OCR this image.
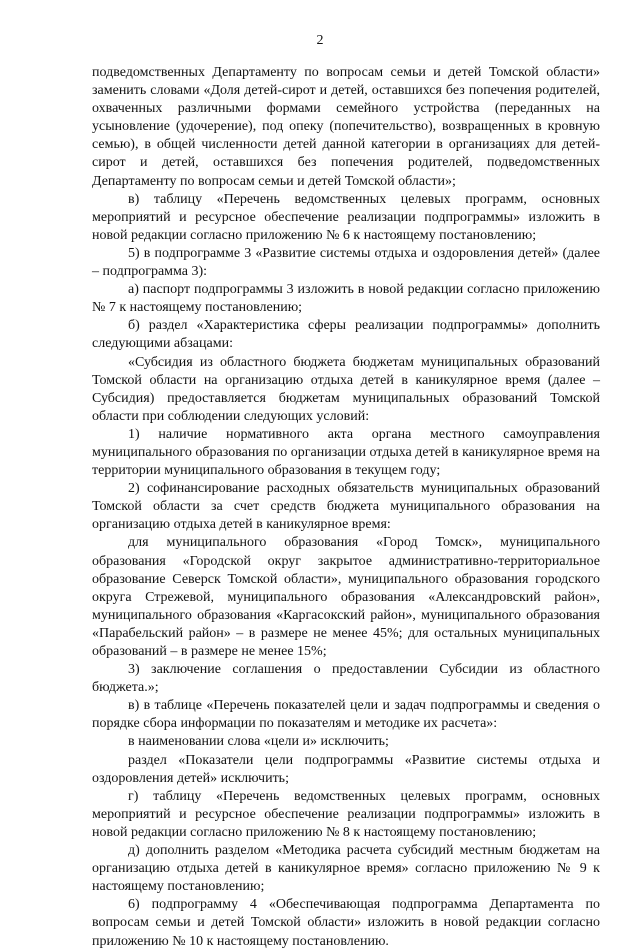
2

подведомственных Департаменту по вопросам семьи и детей Томской области» заменить словами «Доля детей-сирот и детей, оставшихся без попечения родителей, охваченных различными формами семейного устройства (переданных на усыновление (удочерение), под опеку (попечительство), возвращенных в кровную семью), в общей численности детей данной категории в организациях для детей-сирот и детей, оставшихся без попечения родителей, подведомственных Департаменту по вопросам семьи и детей Томской области»;

в) таблицу «Перечень ведомственных целевых программ, основных мероприятий и ресурсное обеспечение реализации подпрограммы» изложить в новой редакции согласно приложению № 6 к настоящему постановлению;

5) в подпрограмме 3 «Развитие системы отдыха и оздоровления детей» (далее – подпрограмма 3):

а) паспорт подпрограммы 3 изложить в новой редакции согласно приложению № 7 к настоящему постановлению;

б) раздел «Характеристика сферы реализации подпрограммы» дополнить следующими абзацами:

«Субсидия из областного бюджета бюджетам муниципальных образований Томской области на организацию отдыха детей в каникулярное время (далее – Субсидия) предоставляется бюджетам муниципальных образований Томской области при соблюдении следующих условий:

1) наличие нормативного акта органа местного самоуправления муниципального образования по организации отдыха детей в каникулярное время на территории муниципального образования в текущем году;

2) софинансирование расходных обязательств муниципальных образований Томской области за счет средств бюджета муниципального образования на организацию отдыха детей в каникулярное время:

для муниципального образования «Город Томск», муниципального образования «Городской округ закрытое административно-территориальное образование Северск Томской области», муниципального образования городского округа Стрежевой, муниципального образования «Александровский район», муниципального образования «Каргасокский район», муниципального образования «Парабельский район» – в размере не менее 45%; для остальных муниципальных образований – в размере не менее 15%;

3) заключение соглашения о предоставлении Субсидии из областного бюджета.»;

в) в таблице «Перечень показателей цели и задач подпрограммы и сведения о порядке сбора информации по показателям и методике их расчета»:

в наименовании слова «цели и» исключить;

раздел «Показатели цели подпрограммы «Развитие системы отдыха и оздоровления детей» исключить;

г) таблицу «Перечень ведомственных целевых программ, основных мероприятий и ресурсное обеспечение реализации подпрограммы» изложить в новой редакции согласно приложению № 8 к настоящему постановлению;

д) дополнить разделом «Методика расчета субсидий местным бюджетам на организацию отдыха детей в каникулярное время» согласно приложению № 9 к настоящему постановлению;

6) подпрограмму 4 «Обеспечивающая подпрограмма Департамента по вопросам семьи и детей Томской области» изложить в новой редакции согласно приложению № 10 к настоящему постановлению.
